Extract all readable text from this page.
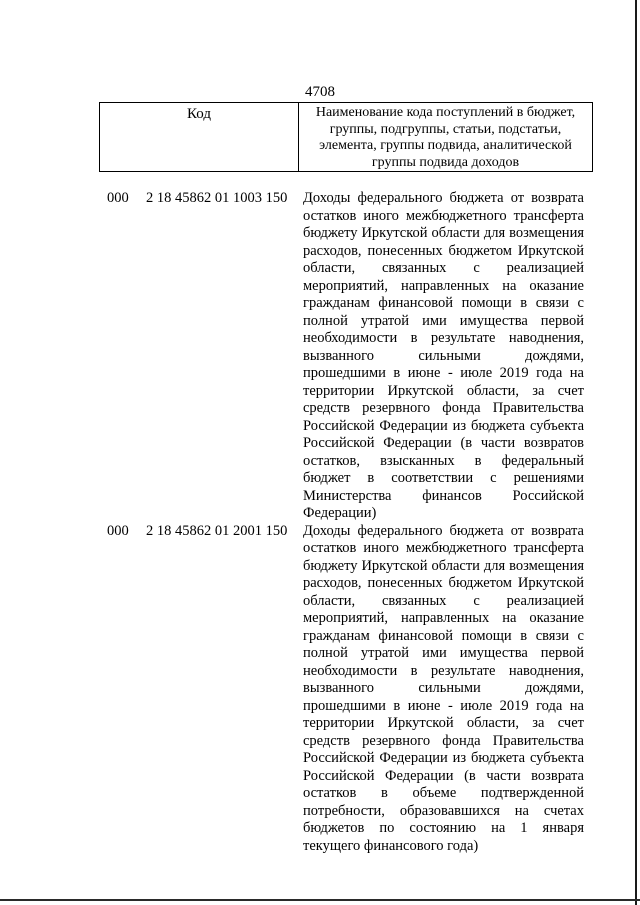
4708
Код	Наименование кода поступлений в бюджет, группы, подгруппы, статьи, подстатьи, элемента, группы подвида, аналитической группы подвида доходов
000 2 18 45862 01 1003 150 Доходы федерального бюджета от возврата остатков иного межбюджетного трансферта бюджету Иркутской области для возмещения расходов, понесенных бюджетом Иркутской области, связанных с реализацией мероприятий, направленных на оказание гражданам финансовой помощи в связи с полной утратой ими имущества первой необходимости в результате наводнения, вызванного сильными дождями, прошедшими в июне - июле 2019 года на территории Иркутской области, за счет средств резервного фонда Правительства Российской Федерации из бюджета субъекта Российской Федерации (в части возвратов остатков, взысканных в федеральный бюджет в соответствии с решениями Министерства финансов Российской Федерации)
000 2 18 45862 01 2001 150 Доходы федерального бюджета от возврата остатков иного межбюджетного трансферта бюджету Иркутской области для возмещения расходов, понесенных бюджетом Иркутской области, связанных с реализацией мероприятий, направленных на оказание гражданам финансовой помощи в связи с полной утратой ими имущества первой необходимости в результате наводнения, вызванного сильными дождями, прошедшими в июне - июле 2019 года на территории Иркутской области, за счет средств резервного фонда Правительства Российской Федерации из бюджета субъекта Российской Федерации (в части возврата остатков в объеме подтвержденной потребности, образовавшихся на счетах бюджетов по состоянию на 1 января текущего финансового года)
